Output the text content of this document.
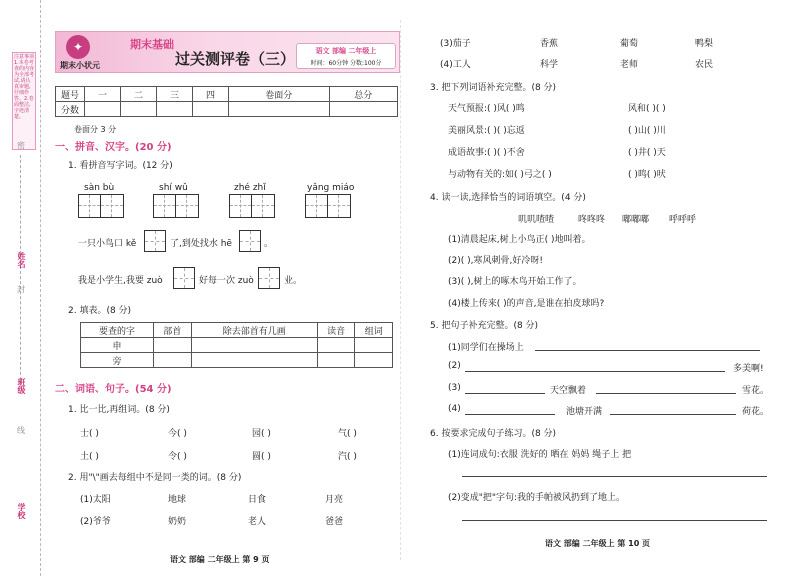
注意事项 1.本卷考查的内容为全部考试,请认真审题,仔细作答。2.卷面整洁,字迹清楚。
密
姓名
封
班级
线
学校
✦	期末基础
期末小状元	过关测评卷（三）	语文 部编 二年级上
时间：60分钟 分数:100分
题号	一	二	三	四	卷面分	总分
分数						
卷面分 3 分
一、拼音、汉字。(20 分)
1. 看拼音写字词。(12 分)
sàn bù	shí wǔ	zhé zhǐ	yǎng miáo
一只小鸟口 kě	了,到处找水 hē	。
我是小学生,我要 zuò	好每一次 zuò	业。
2. 填表。(8 分)
要查的字	部首	除去部首有几画	读音	组词
申				
旁				
二、词语、句子。(54 分)
1. 比一比,再组词。(8 分)
士( )	今( )	园( )	气( )
土( )	令( )	圆( )	汽( )
2. 用"\"画去每组中不是同一类的词。(8 分)
(1)太阳	地球	日食	月亮
(2)爷爷	奶奶	老人	爸爸
语文 部编 二年级上 第 9 页
(3)茄子	香蕉	葡萄	鸭梨
(4)工人	科学	老师	农民
3. 把下列词语补充完整。(8 分)
天气预报:( )风( )鸣	风和( )( )
美丽风景:( )( )忘返	( )山( )川
成语故事:( )( )不舍	( )井( )天
与动物有关的:如( )弓之( )	( )鸣( )吠
4. 读一读,选择恰当的词语填空。(4 分)
叽叽喳喳	咚咚咚 嘟嘟嘟 呼呼呼
(1)清晨起床,树上小鸟正( )地叫着。
(2)( ),寒风刺骨,好冷呀!
(3)( ),树上的啄木鸟开始工作了。
(4)楼上传来( )的声音,是谁在拍皮球吗?
5. 把句子补充完整。(8 分)
(1)同学们在操场上
(2)	多美啊!
(3)	天空飘着	雪花。
(4)	池塘开满	荷花。
6. 按要求完成句子练习。(8 分)
(1)连词成句:衣服 洗好的 晒在 妈妈 绳子上 把
(2)变成"把"字句:我的手帕被风扔到了地上。
语文 部编 二年级上 第 10 页
